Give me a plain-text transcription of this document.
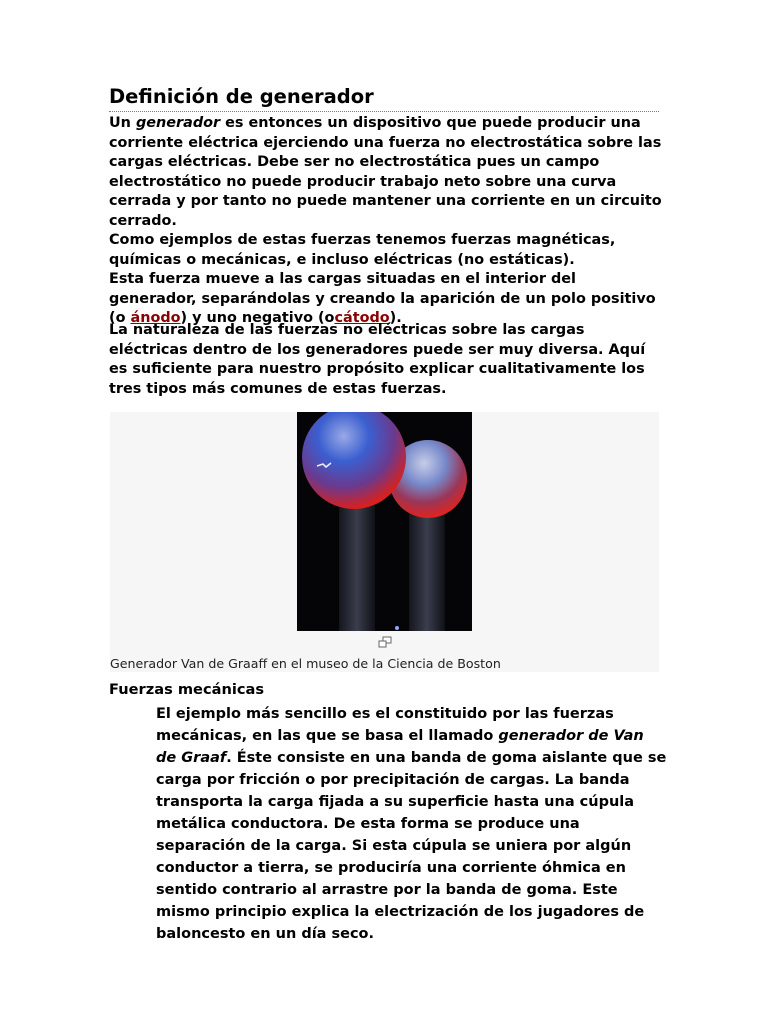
Definición de generador

Un generador es entonces un dispositivo que puede producir una corriente eléctrica ejerciendo una fuerza no electrostática sobre las cargas eléctricas. Debe ser no electrostática pues un campo electrostático no puede producir trabajo neto sobre una curva cerrada y por tanto no puede mantener una corriente en un circuito cerrado.
Como ejemplos de estas fuerzas tenemos fuerzas magnéticas, químicas o mecánicas, e incluso eléctricas (no estáticas).
Esta fuerza mueve a las cargas situadas en el interior del generador, separándolas y creando la aparición de un polo positivo (o ánodo) y uno negativo (ocátodo).

La naturaleza de las fuerzas no eléctricas sobre las cargas eléctricas dentro de los generadores puede ser muy diversa. Aquí es suficiente para nuestro propósito explicar cualitativamente los tres tipos más comunes de estas fuerzas.

Generador Van de Graaff en el museo de la Ciencia de Boston

Fuerzas mecánicas

El ejemplo más sencillo es el constituido por las fuerzas mecánicas, en las que se basa el llamado generador de Van de Graaf. Éste consiste en una banda de goma aislante que se carga por fricción o por precipitación de cargas. La banda transporta la carga fijada a su superficie hasta una cúpula metálica conductora. De esta forma se produce una separación de la carga. Si esta cúpula se uniera por algún conductor a tierra, se produciría una corriente óhmica en sentido contrario al arrastre por la banda de goma. Este mismo principio explica la electrización de los jugadores de baloncesto en un día seco.
